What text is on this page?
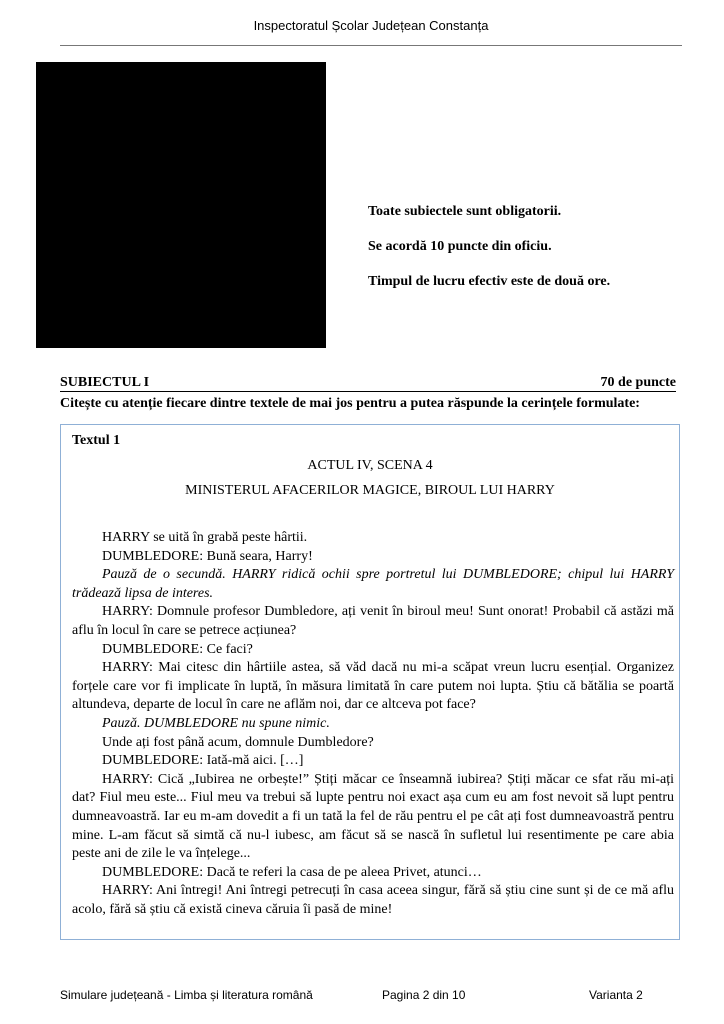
Inspectoratul Școlar Județean Constanța
Toate subiectele sunt obligatorii.
Se acordă 10 puncte din oficiu.
Timpul de lucru efectiv este de două ore.
SUBIECTUL I	70 de puncte
Citește cu atenție fiecare dintre textele de mai jos pentru a putea răspunde la cerințele formulate:
Textul 1
ACTUL IV, SCENA 4
MINISTERUL AFACERILOR MAGICE, BIROUL LUI HARRY

HARRY se uită în grabă peste hârtii.

DUMBLEDORE: Bună seara, Harry!

Pauză de o secundă. HARRY ridică ochii spre portretul lui DUMBLEDORE; chipul lui HARRY trădează lipsa de interes.

HARRY: Domnule profesor Dumbledore, ați venit în biroul meu! Sunt onorat! Probabil că astăzi mă aflu în locul în care se petrece acțiunea?

DUMBLEDORE: Ce faci?

HARRY: Mai citesc din hârtiile astea, să văd dacă nu mi-a scăpat vreun lucru esențial. Organizez forțele care vor fi implicate în luptă, în măsura limitată în care putem noi lupta. Știu că bătălia se poartă altundeva, departe de locul în care ne aflăm noi, dar ce altceva pot face?

Pauză. DUMBLEDORE nu spune nimic.

Unde ați fost până acum, domnule Dumbledore?

DUMBLEDORE: Iată-mă aici. […]

HARRY: Cică „Iubirea ne orbește!” Știți măcar ce înseamnă iubirea? Știți măcar ce sfat rău mi-ați dat? Fiul meu este... Fiul meu va trebui să lupte pentru noi exact așa cum eu am fost nevoit să lupt pentru dumneavoastră. Iar eu m-am dovedit a fi un tată la fel de rău pentru el pe cât ați fost dumneavoastră pentru mine. L-am făcut să simtă că nu-l iubesc, am făcut să se nască în sufletul lui resentimente pe care abia peste ani de zile le va înțelege...

DUMBLEDORE: Dacă te referi la casa de pe aleea Privet, atunci…

HARRY: Ani întregi! Ani întregi petrecuți în casa aceea singur, fără să știu cine sunt și de ce mă aflu acolo, fără să știu că există cineva căruia îi pasă de mine!

Simulare județeană - Limba și literatura română	Pagina 2 din 10	Varianta 2
